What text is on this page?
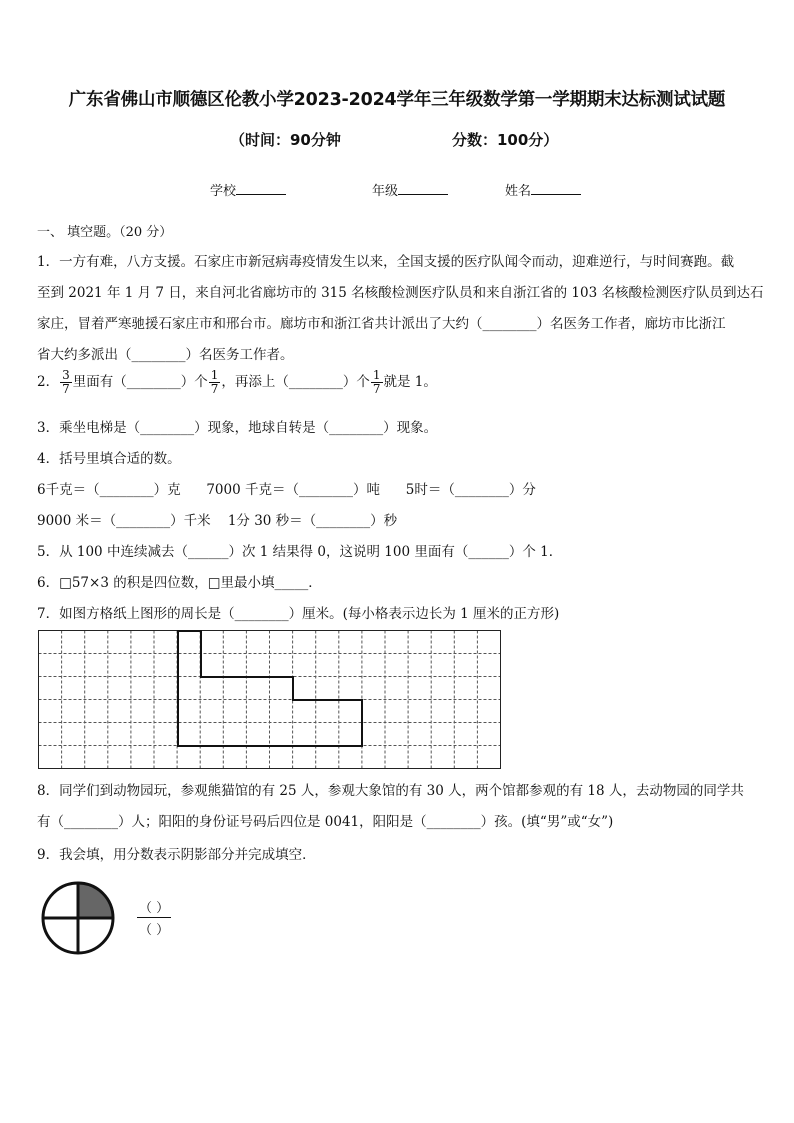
广东省佛山市顺德区伦教小学2023-2024学年三年级数学第一学期期末达标测试试题
（时间：90分钟	分数：100分）
学校	年级	姓名
一、 填空题。（20 分）
1．一方有难，八方支援。石家庄市新冠病毒疫情发生以来，全国支援的医疗队闻令而动，迎难逆行，与时间赛跑。截
至到 2021 年 1 月 7 日，来自河北省廊坊市的 315 名核酸检测医疗队员和来自浙江省的 103 名核酸检测医疗队员到达石
家庄，冒着严寒驰援石家庄市和邢台市。廊坊市和浙江省共计派出了大约（________）名医务工作者，廊坊市比浙江
省大约多派出（________）名医务工作者。
2． $\frac{3}{7}$ 里面有（________）个 $\frac{1}{7}$ ，再添上（________）个 $\frac{1}{7}$ 就是 1。
3．乘坐电梯是（________）现象，地球自转是（________）现象。
4．括号里填合适的数。
6千克＝（________）克      7000 千克＝（________）吨      5时＝（________）分
9000 米＝（________）千米    1分 30 秒＝（________）秒
5．从 100 中连续减去（______）次 1 结果得 0，这说明 100 里面有（______）个 1．
6．□57×3 的积是四位数，□里最小填_____．
7．如图方格纸上图形的周长是（________）厘米。(每小格表示边长为 1 厘米的正方形)
8．同学们到动物园玩，参观熊猫馆的有 25 人，参观大象馆的有 30 人，两个馆都参观的有 18 人，去动物园的同学共
有（________）人；阳阳的身份证号码后四位是 0041，阳阳是（________）孩。(填“男”或“女”)
9．我会填，用分数表示阴影部分并完成填空．
（ ）
（ ）
